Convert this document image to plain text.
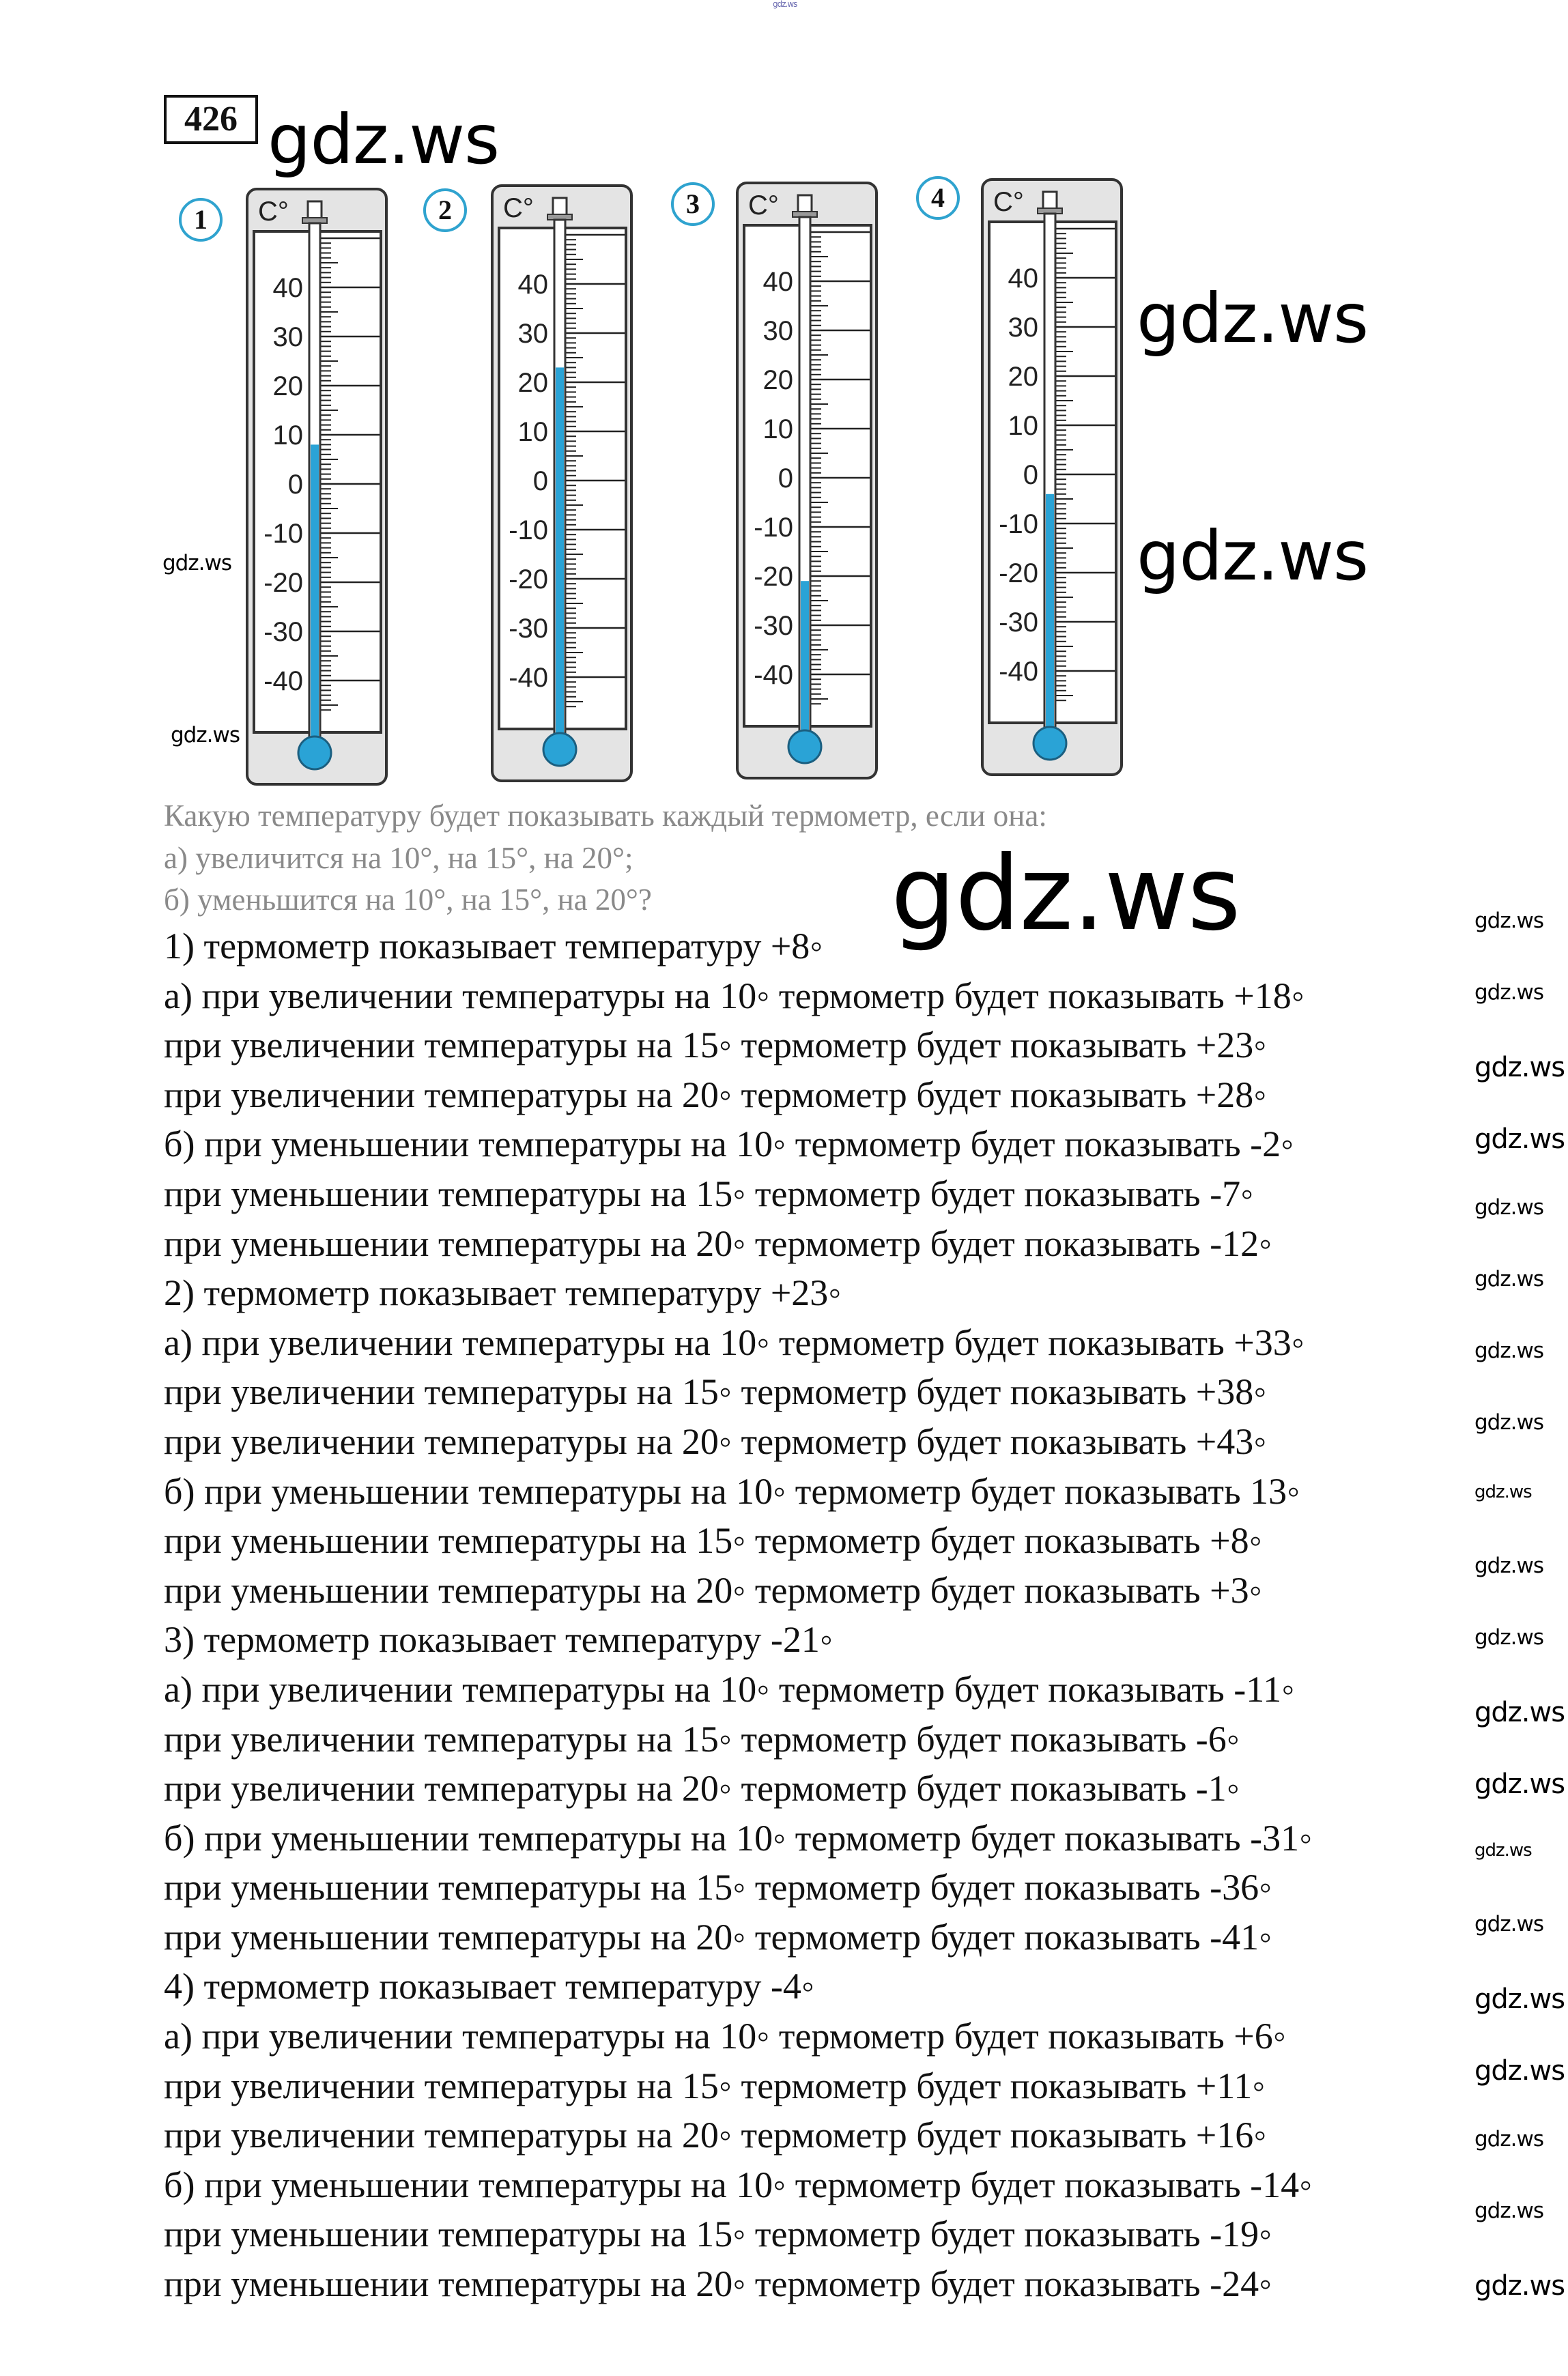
426
1	2	3	4
C°
40
30
20
10
0
-10
-20
-30
-40
C°
40
30
20
10
0
-10
-20
-30
-40
C°
40
30
20
10
0
-10
-20
-30
-40
C°
40
30
20
10
0
-10
-20
-30
-40
Какую температуру будет показывать каждый термометр, если она:
а) увеличится на 10°, на 15°, на 20°;
б) уменьшится на 10°, на 15°, на 20°?
1) термометр показывает температуру +8◦
а) при увеличении температуры на 10◦ термометр будет показывать +18◦
при увеличении температуры на 15◦ термометр будет показывать +23◦
при увеличении температуры на 20◦ термометр будет показывать +28◦
б) при уменьшении температуры на 10◦ термометр будет показывать -2◦
при уменьшении температуры на 15◦ термометр будет показывать -7◦
при уменьшении температуры на 20◦ термометр будет показывать -12◦
2) термометр показывает температуру +23◦
а) при увеличении температуры на 10◦ термометр будет показывать +33◦
при увеличении температуры на 15◦ термометр будет показывать +38◦
при увеличении температуры на 20◦ термометр будет показывать +43◦
б) при уменьшении температуры на 10◦ термометр будет показывать 13◦
при уменьшении температуры на 15◦ термометр будет показывать +8◦
при уменьшении температуры на 20◦ термометр будет показывать +3◦
3) термометр показывает температуру -21◦
а) при увеличении температуры на 10◦ термометр будет показывать -11◦
при увеличении температуры на 15◦ термометр будет показывать -6◦
при увеличении температуры на 20◦ термометр будет показывать -1◦
б) при уменьшении температуры на 10◦ термометр будет показывать -31◦
при уменьшении температуры на 15◦ термометр будет показывать -36◦
при уменьшении температуры на 20◦ термометр будет показывать -41◦
4) термометр показывает температуру -4◦
а) при увеличении температуры на 10◦ термометр будет показывать +6◦
при увеличении температуры на 15◦ термометр будет показывать +11◦
при увеличении температуры на 20◦ термометр будет показывать +16◦
б) при уменьшении температуры на 10◦ термометр будет показывать -14◦
при уменьшении температуры на 15◦ термометр будет показывать -19◦
при уменьшении температуры на 20◦ термометр будет показывать -24◦
gdz.ws
gdz.ws
gdz.ws
gdz.ws
gdz.ws
gdz.ws
gdz.ws
gdz.ws
gdz.ws
gdz.ws
gdz.ws
gdz.ws
gdz.ws
gdz.ws
gdz.ws
gdz.ws
gdz.ws
gdz.ws
gdz.ws
gdz.ws
gdz.ws
gdz.ws
gdz.ws
gdz.ws
gdz.ws
gdz.ws
gdz.ws
